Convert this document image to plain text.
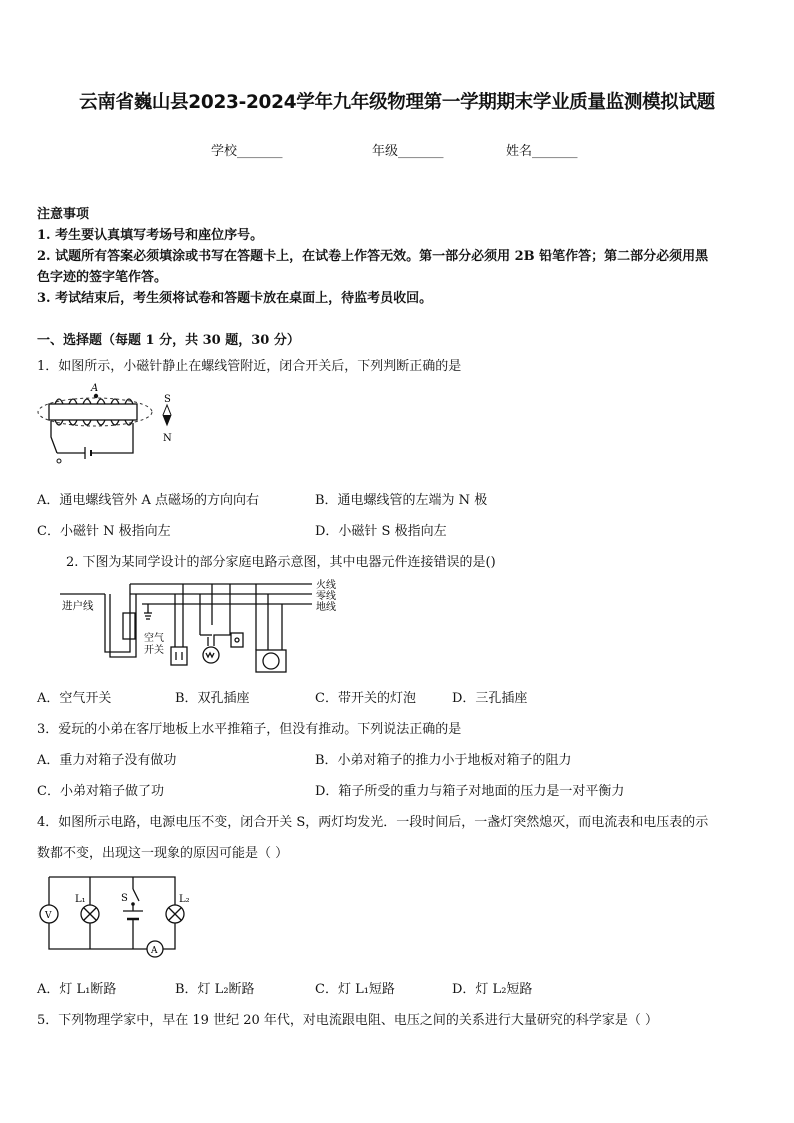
云南省巍山县2023-2024学年九年级物理第一学期期末学业质量监测模拟试题
学校_______	年级_______	姓名_______
注意事项
1. 考生要认真填写考场号和座位序号。
2. 试题所有答案必须填涂或书写在答题卡上，在试卷上作答无效。第一部分必须用 2B 铅笔作答；第二部分必须用黑
色字迹的签字笔作答。
3. 考试结束后，考生须将试卷和答题卡放在桌面上，待监考员收回。
一、选择题（每题 1 分，共 30 题，30 分）
1．如图所示，小磁针静止在螺线管附近，闭合开关后，下列判断正确的是
A
S
N
A．通电螺线管外 A 点磁场的方向向右	B．通电螺线管的左端为 N 极
C．小磁针 N 极指向左	D．小磁针 S 极指向左
2. 下图为某同学设计的部分家庭电路示意图，其中电器元件连接错误的是()
进户线
火线
零线
地线
空气
开关
A．空气开关	B．双孔插座	C．带开关的灯泡	D．三孔插座
3．爱玩的小弟在客厅地板上水平推箱子，但没有推动。下列说法正确的是
A．重力对箱子没有做功	B．小弟对箱子的推力小于地板对箱子的阻力
C．小弟对箱子做了功	D．箱子所受的重力与箱子对地面的压力是一对平衡力
4．如图所示电路，电源电压不变，闭合开关 S，两灯均发光．一段时间后，一盏灯突然熄灭，而电流表和电压表的示
数都不变，出现这一现象的原因可能是（ ）
V
A
S
L₁	L₂
A．灯 L₁断路	B．灯 L₂断路	C．灯 L₁短路	D．灯 L₂短路
5．下列物理学家中，早在 19 世纪 20 年代，对电流跟电阻、电压之间的关系进行大量研究的科学家是（ ）
